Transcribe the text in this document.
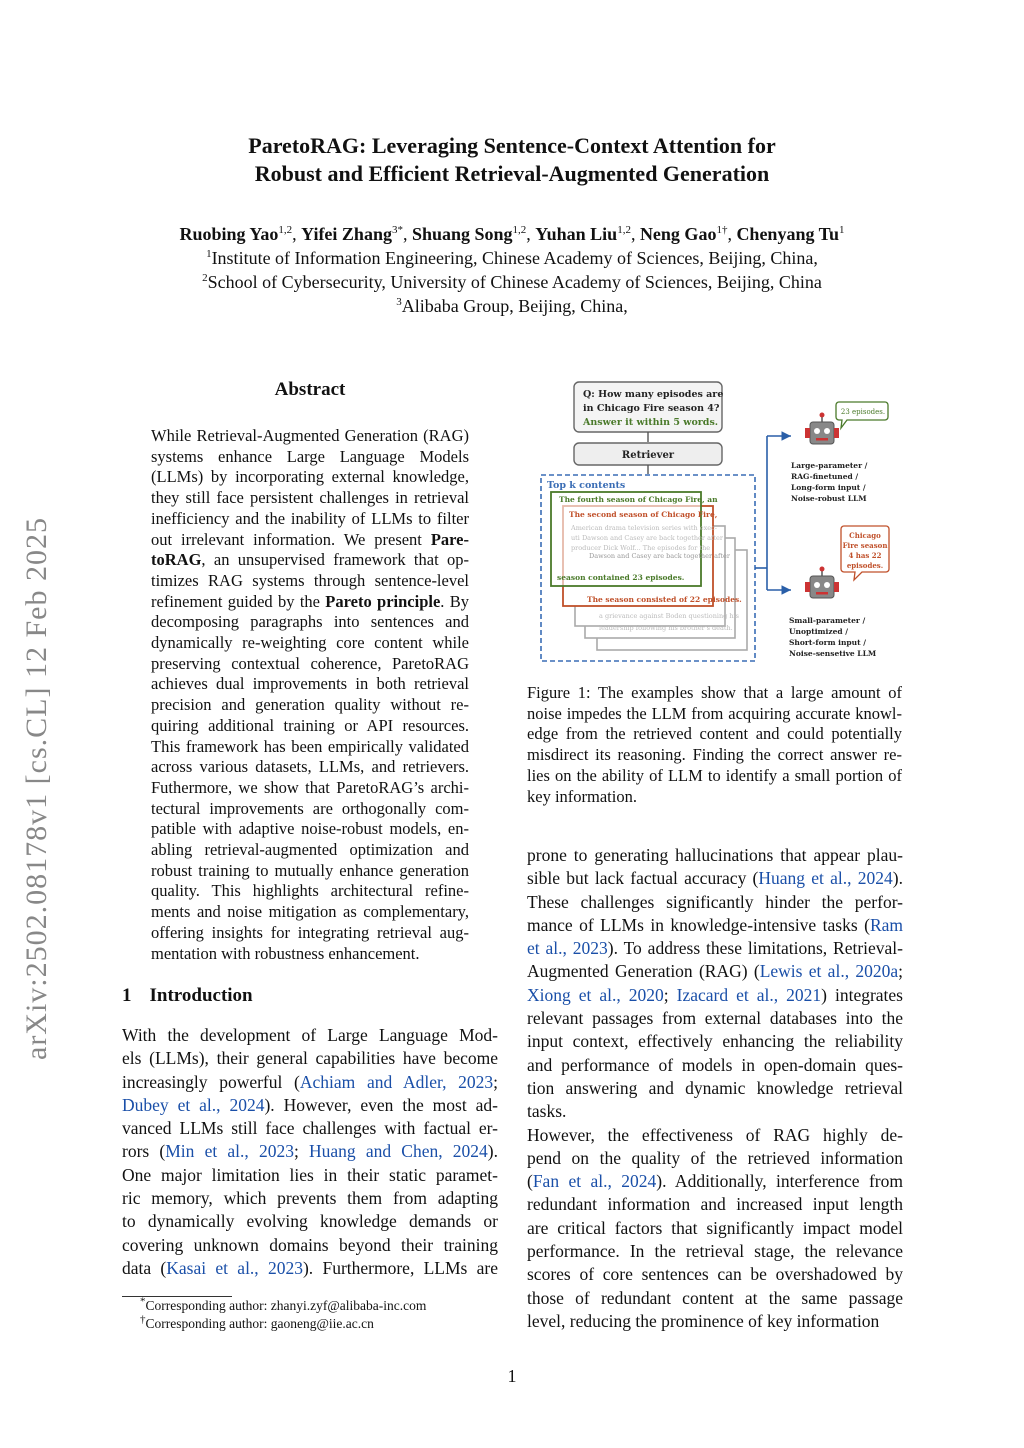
arXiv:2502.08178v1 [cs.CL] 12 Feb 2025
ParetoRAG: Leveraging Sentence-Context Attention for
Robust and Efficient Retrieval-Augmented Generation
Ruobing Yao$^{1,2}$, Yifei Zhang$^{3*}$, Shuang Song$^{1,2}$, Yuhan Liu$^{1,2}$, Neng Gao$^{1\dagger}$, Chenyang Tu$^1$
$^1$Institute of Information Engineering, Chinese Academy of Sciences, Beijing, China,
$^2$School of Cybersecurity, University of Chinese Academy of Sciences, Beijing, China
$^3$Alibaba Group, Beijing, China,
Abstract
While Retrieval-Augmented Generation (RAG)
systems enhance Large Language Models
(LLMs) by incorporating external knowledge,
they still face persistent challenges in retrieval
inefficiency and the inability of LLMs to filter
out irrelevant information. We present Pare-
toRAG, an unsupervised framework that op-
timizes RAG systems through sentence-level
refinement guided by the Pareto principle. By
decomposing paragraphs into sentences and
dynamically re-weighting core content while
preserving contextual coherence, ParetoRAG
achieves dual improvements in both retrieval
precision and generation quality without re-
quiring additional training or API resources.
This framework has been empirically validated
across various datasets, LLMs, and retrievers.
Futhermore, we show that ParetoRAG’s archi-
tectural improvements are orthogonally com-
patible with adaptive noise-robust models, en-
abling retrieval-augmented optimization and
robust training to mutually enhance generation
quality. This highlights architectural refine-
ments and noise mitigation as complementary,
offering insights for integrating retrieval aug-
mentation with robustness enhancement.
1 Introduction
With the development of Large Language Mod-
els (LLMs), their general capabilities have become
increasingly powerful (Achiam and Adler, 2023;
Dubey et al., 2024). However, even the most ad-
vanced LLMs still face challenges with factual er-
rors (Min et al., 2023; Huang and Chen, 2024).
One major limitation lies in their static paramet-
ric memory, which prevents them from adapting
to dynamically evolving knowledge demands or
covering unknown domains beyond their training
data (Kasai et al., 2023). Furthermore, LLMs are
*Corresponding author: zhanyi.zyf@alibaba-inc.com
†Corresponding author: gaoneng@iie.ac.cn
Q: How many episodes are
in Chicago Fire season 4?
Answer it within 5 words.
Retriever
Top k contents
The fourth season of Chicago Fire, an
The second season of Chicago Fire,
American drama television series with exec-
uti Dawson and Casey are back together after
producer Dick Wolf... The episodes for the
Dawson and Casey are back together after
season contained 23 episodes.
The season consisted of 22 episodes.
a grievance against Boden questioning his
leadership following his brother's death.
23 episodes.
Large-parameter /
RAG-finetuned /
Long-form input /
Noise-robust LLM
Chicago
Fire season
4 has 22
episodes.
Small-parameter /
Unoptimized /
Short-form input /
Noise-sensetive LLM
Figure 1: The examples show that a large amount of
noise impedes the LLM from acquiring accurate knowl-
edge from the retrieved content and could potentially
misdirect its reasoning. Finding the correct answer re-
lies on the ability of LLM to identify a small portion of
key information.
prone to generating hallucinations that appear plau-
sible but lack factual accuracy (Huang et al., 2024).
These challenges significantly hinder the perfor-
mance of LLMs in knowledge-intensive tasks (Ram
et al., 2023). To address these limitations, Retrieval-
Augmented Generation (RAG) (Lewis et al., 2020a;
Xiong et al., 2020; Izacard et al., 2021) integrates
relevant passages from external databases into the
input context, effectively enhancing the reliability
and performance of models in open-domain ques-
tion answering and dynamic knowledge retrieval
tasks.
However, the effectiveness of RAG highly de-
pend on the quality of the retrieved information
(Fan et al., 2024). Additionally, interference from
redundant information and increased input length
are critical factors that significantly impact model
performance. In the retrieval stage, the relevance
scores of core sentences can be overshadowed by
those of redundant content at the same passage
level, reducing the prominence of key information
1
